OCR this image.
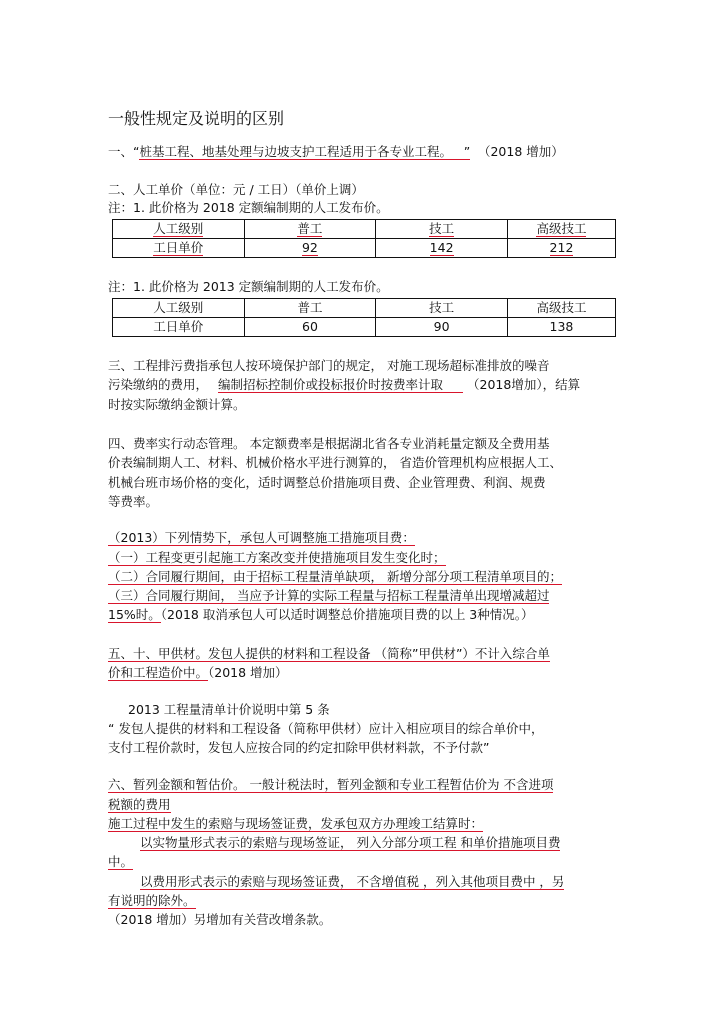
一般性规定及说明的区别
一、“桩基工程、地基处理与边坡支护工程适用于各专业工程。 ” （2018 增加）
二、人工单价（单位：元 / 工日）（单价上调）
注：1. 此价格为 2018 定额编制期的人工发布价。
人工级别	普工	技工	高级技工
工日单价	92	142	212
注：1. 此价格为 2013 定额编制期的人工发布价。
人工级别	普工	技工	高级技工
工日单价	60	90	138
三、工程排污费指承包人按环境保护部门的规定， 对施工现场超标准排放的噪音
污染缴纳的费用， 编制招标控制价或投标报价时按费率计取 （2018增加），结算
时按实际缴纳金额计算。
四、费率实行动态管理。 本定额费率是根据湖北省各专业消耗量定额及全费用基
价表编制期人工、材料、机械价格水平进行测算的， 省造价管理机构应根据人工、
机械台班市场价格的变化，适时调整总价措施项目费、企业管理费、利润、规费
等费率。
（2013）下列情势下，承包人可调整施工措施项目费：
（一）工程变更引起施工方案改变并使措施项目发生变化时；
（二）合同履行期间，由于招标工程量清单缺项， 新增分部分项工程清单项目的；
（三）合同履行期间， 当应予计算的实际工程量与招标工程量清单出现增减超过
15%时。（2018 取消承包人可以适时调整总价措施项目费的以上 3种情况。）
五、十、甲供材。发包人提供的材料和工程设备 （简称”甲供材”）不计入综合单
价和工程造价中。（2018 增加）
2013 工程量清单计价说明中第 5 条
“ 发包人提供的材料和工程设备（简称甲供材）应计入相应项目的综合单价中，
支付工程价款时，发包人应按合同的约定扣除甲供材料款，不予付款”
六、暂列金额和暂估价。 一般计税法时，暂列金额和专业工程暂估价为 不含进项
税额的费用
施工过程中发生的索赔与现场签证费，发承包双方办理竣工结算时：
以实物量形式表示的索赔与现场签证， 列入分部分项工程 和单价措施项目费
中。
以费用形式表示的索赔与现场签证费， 不含增值税 ，列入其他项目费中 ，另
有说明的除外。
（2018 增加）另增加有关营改增条款。
